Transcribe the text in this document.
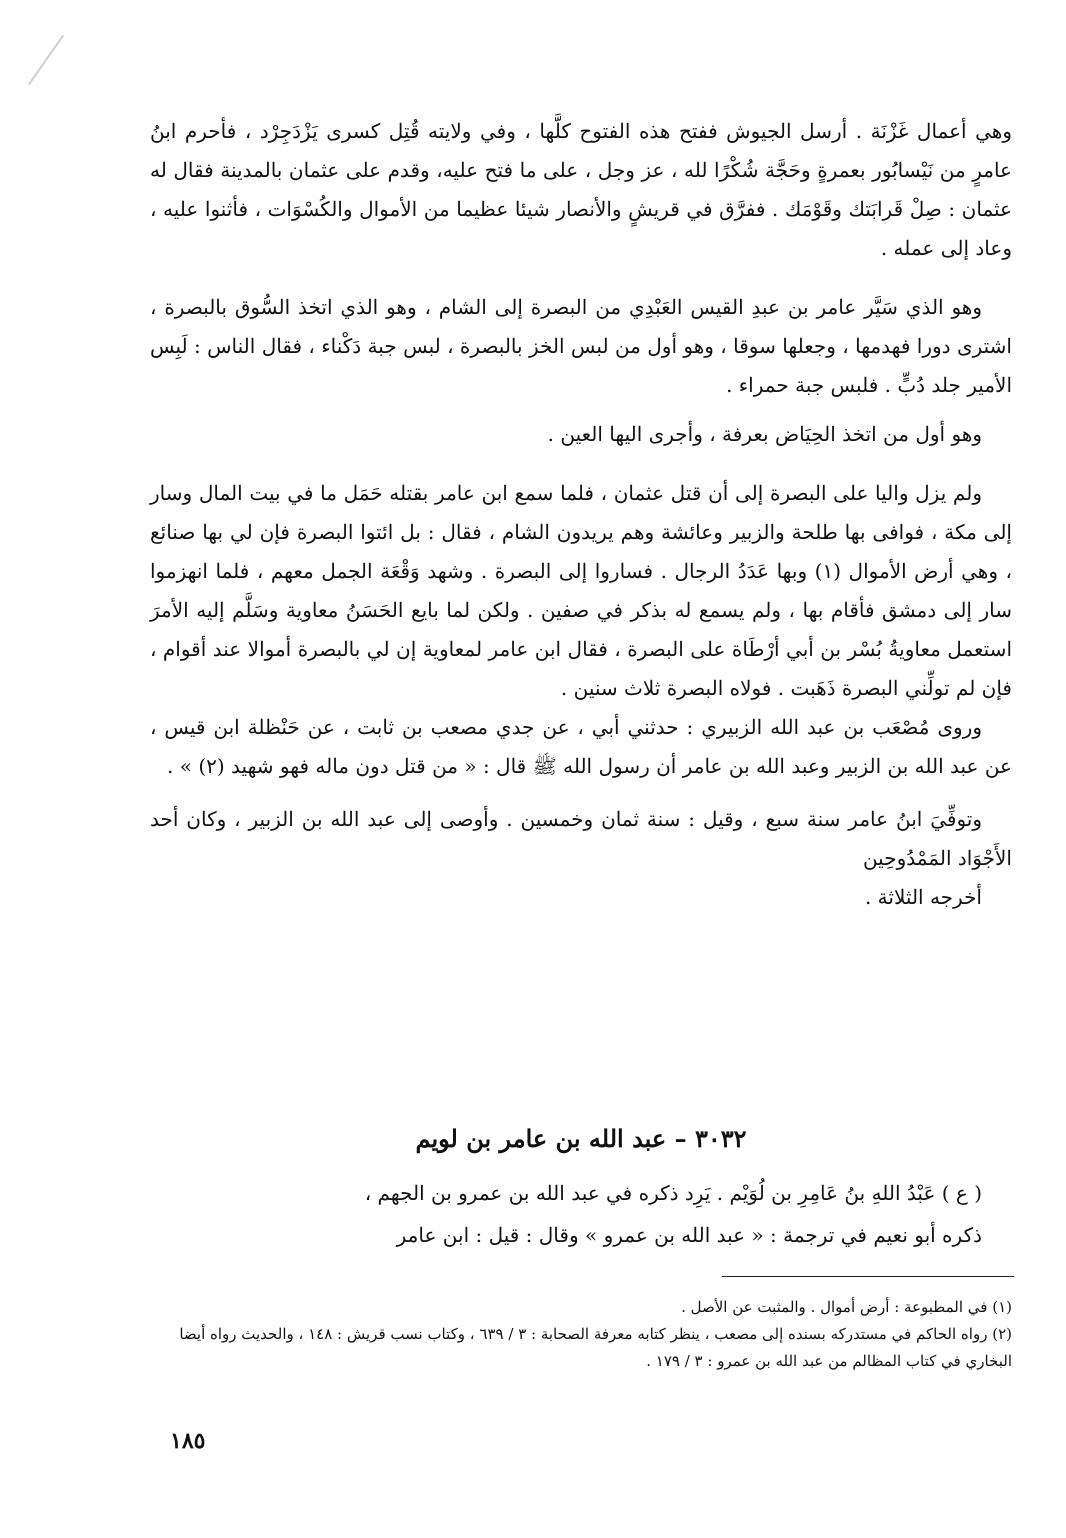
وهي أعمال غَزْنَة . أرسل الجيوش ففتح هذه الفتوح كلَّها ، وفي ولايته قُتِل كسرى يَزْدَجِرْد ، فأحرم ابنُ عامرٍ من نَيْسابُور بعمرةٍ وحَجَّة شُكْرًا لله ، عز وجل ، على ما فتح عليه، وقدم على عثمان بالمدينة فقال له عثمان : صِلْ قَرابَتك وقَوْمَك . ففرَّق في قريشٍ والأنصار شيئا عظيما من الأموال والكُسْوَات ، فأثنوا عليه ، وعاد إلى عمله .

وهو الذي سَيَّر عامر بن عبدِ القيس العَبْدِي من البصرة إلى الشام ، وهو الذي اتخذ السُّوق بالبصرة ، اشترى دورا فهدمها ، وجعلها سوقا ، وهو أول من لبس الخز بالبصرة ، لبس جبة دَكْناء ، فقال الناس : لَبِس الأمير جلد دُبٍّ . فلبس جبة حمراء .

وهو أول من اتخذ الحِيَاض بعرفة ، وأجرى اليها العين .

ولم يزل واليا على البصرة إلى أن قتل عثمان ، فلما سمع ابن عامر بقتله حَمَل ما في بيت المال وسار إلى مكة ، فوافى بها طلحة والزبير وعائشة وهم يريدون الشام ، فقال : بل ائتوا البصرة فإن لي بها صنائع ، وهي أرض الأموال (١) وبها عَدَدُ الرجال . فساروا إلى البصرة . وشهد وَقْعَة الجمل معهم ، فلما انهزموا سار إلى دمشق فأقام بها ، ولم يسمع له بذكر في صفين . ولكن لما بايع الحَسَنُ معاوية وسَلَّم إليه الأمرَ استعمل معاويةُ بُسْر بن أبي أرْطَاة على البصرة ، فقال ابن عامر لمعاوية إن لي بالبصرة أموالا عند أقوام ، فإن لم تولِّني البصرة ذَهَبت . فولاه البصرة ثلاث سنين .

وروى مُصْعَب بن عبد الله الزبيري : حدثني أبي ، عن جدي مصعب بن ثابت ، عن حَنْظلة ابن قيس ، عن عبد الله بن الزبير وعبد الله بن عامر أن رسول الله ﷺ قال : « من قتل دون ماله فهو شهيد (٢) » .

وتوفِّيَ ابنُ عامر سنة سبع ، وقيل : سنة ثمان وخمسين . وأوصى إلى عبد الله بن الزبير ، وكان أحد الأَجْوَاد المَمْدُوحِين

أخرجه الثلاثة .

٣٠٣٢ – عبد الله بن عامر بن لويم

( ع ) عَبْدُ اللهِ بنُ عَامِرِ بن لُوَيْم . يَرِد ذكره في عبد الله بن عمرو بن الجهم ،

ذكره أبو نعيم في ترجمة : « عبد الله بن عمرو » وقال : قيل : ابن عامر

(١) في المطبوعة : أرض أموال . والمثبت عن الأصل .

(٢) رواه الحاكم في مستدركه بسنده إلى مصعب ، ينظر كتابه معرفة الصحابة : ٣ / ٦٣٩ ، وكتاب نسب قريش : ١٤٨ ، والحديث رواه أيضا البخاري في كتاب المظالم من عبد الله بن عمرو : ٣ / ١٧٩ .

١٨٥
